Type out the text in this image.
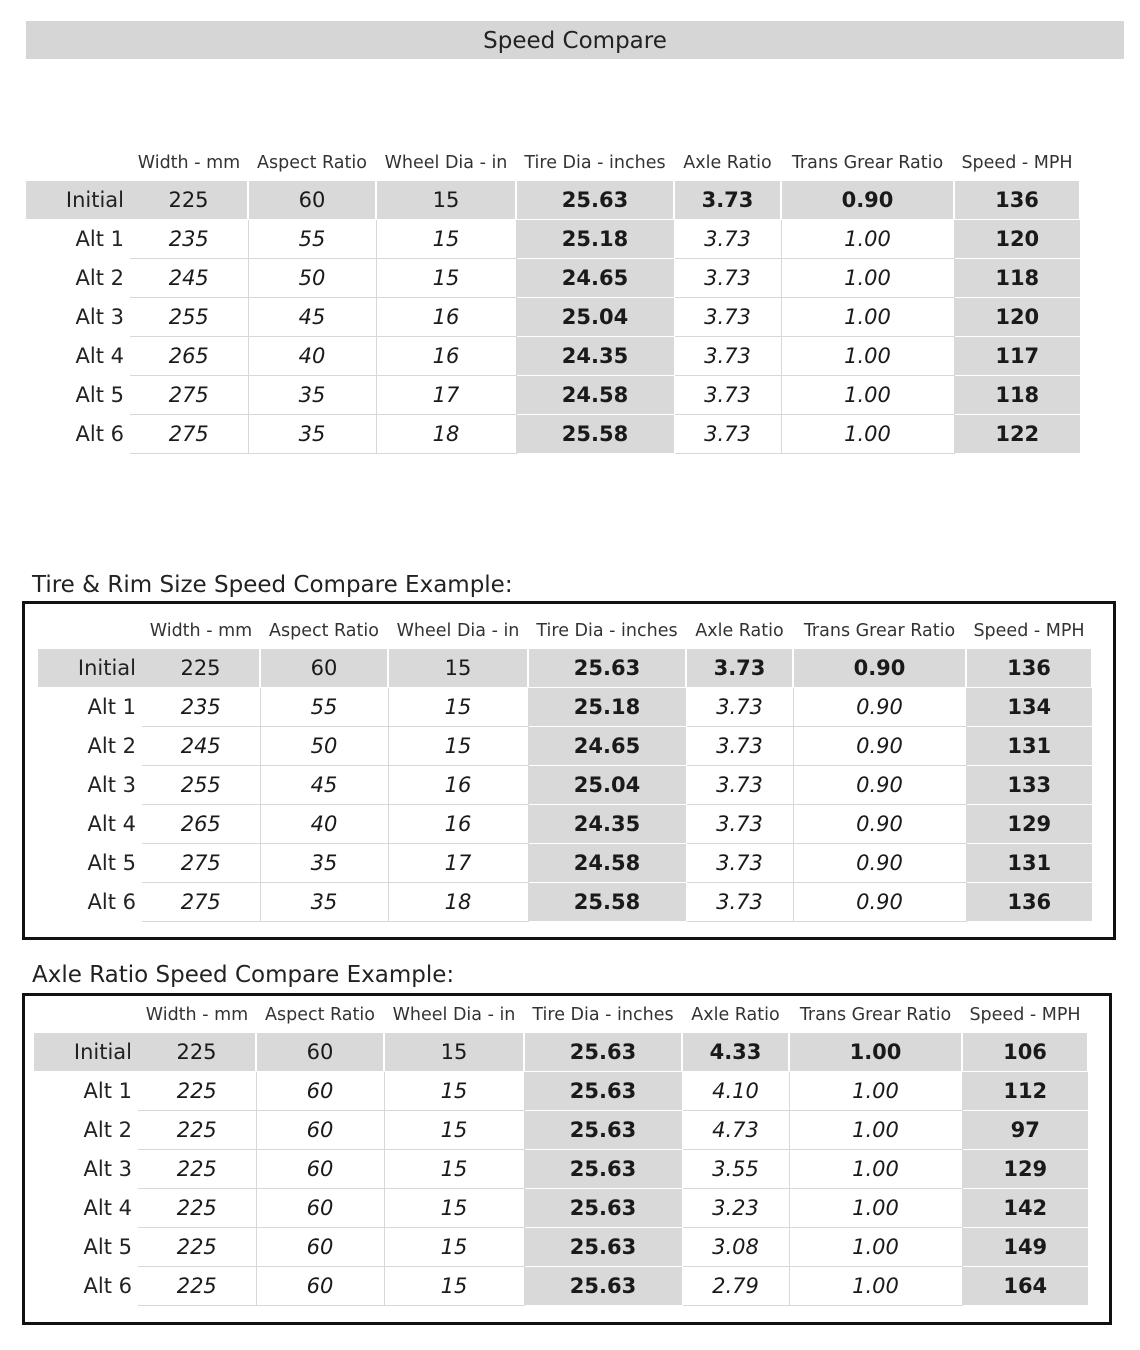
Speed Compare
	Width - mm	Aspect Ratio	Wheel Dia - in	Tire Dia - inches	Axle Ratio	Trans Grear Ratio	Speed - MPH
Initial	225	60	15	25.63	3.73	0.90	136
Alt 1	235	55	15	25.18	3.73	1.00	120
Alt 2	245	50	15	24.65	3.73	1.00	118
Alt 3	255	45	16	25.04	3.73	1.00	120
Alt 4	265	40	16	24.35	3.73	1.00	117
Alt 5	275	35	17	24.58	3.73	1.00	118
Alt 6	275	35	18	25.58	3.73	1.00	122
Tire & Rim Size Speed Compare Example:
	Width - mm	Aspect Ratio	Wheel Dia - in	Tire Dia - inches	Axle Ratio	Trans Grear Ratio	Speed - MPH
Initial	225	60	15	25.63	3.73	0.90	136
Alt 1	235	55	15	25.18	3.73	0.90	134
Alt 2	245	50	15	24.65	3.73	0.90	131
Alt 3	255	45	16	25.04	3.73	0.90	133
Alt 4	265	40	16	24.35	3.73	0.90	129
Alt 5	275	35	17	24.58	3.73	0.90	131
Alt 6	275	35	18	25.58	3.73	0.90	136
Axle Ratio Speed Compare Example:
	Width - mm	Aspect Ratio	Wheel Dia - in	Tire Dia - inches	Axle Ratio	Trans Grear Ratio	Speed - MPH
Initial	225	60	15	25.63	4.33	1.00	106
Alt 1	225	60	15	25.63	4.10	1.00	112
Alt 2	225	60	15	25.63	4.73	1.00	97
Alt 3	225	60	15	25.63	3.55	1.00	129
Alt 4	225	60	15	25.63	3.23	1.00	142
Alt 5	225	60	15	25.63	3.08	1.00	149
Alt 6	225	60	15	25.63	2.79	1.00	164
